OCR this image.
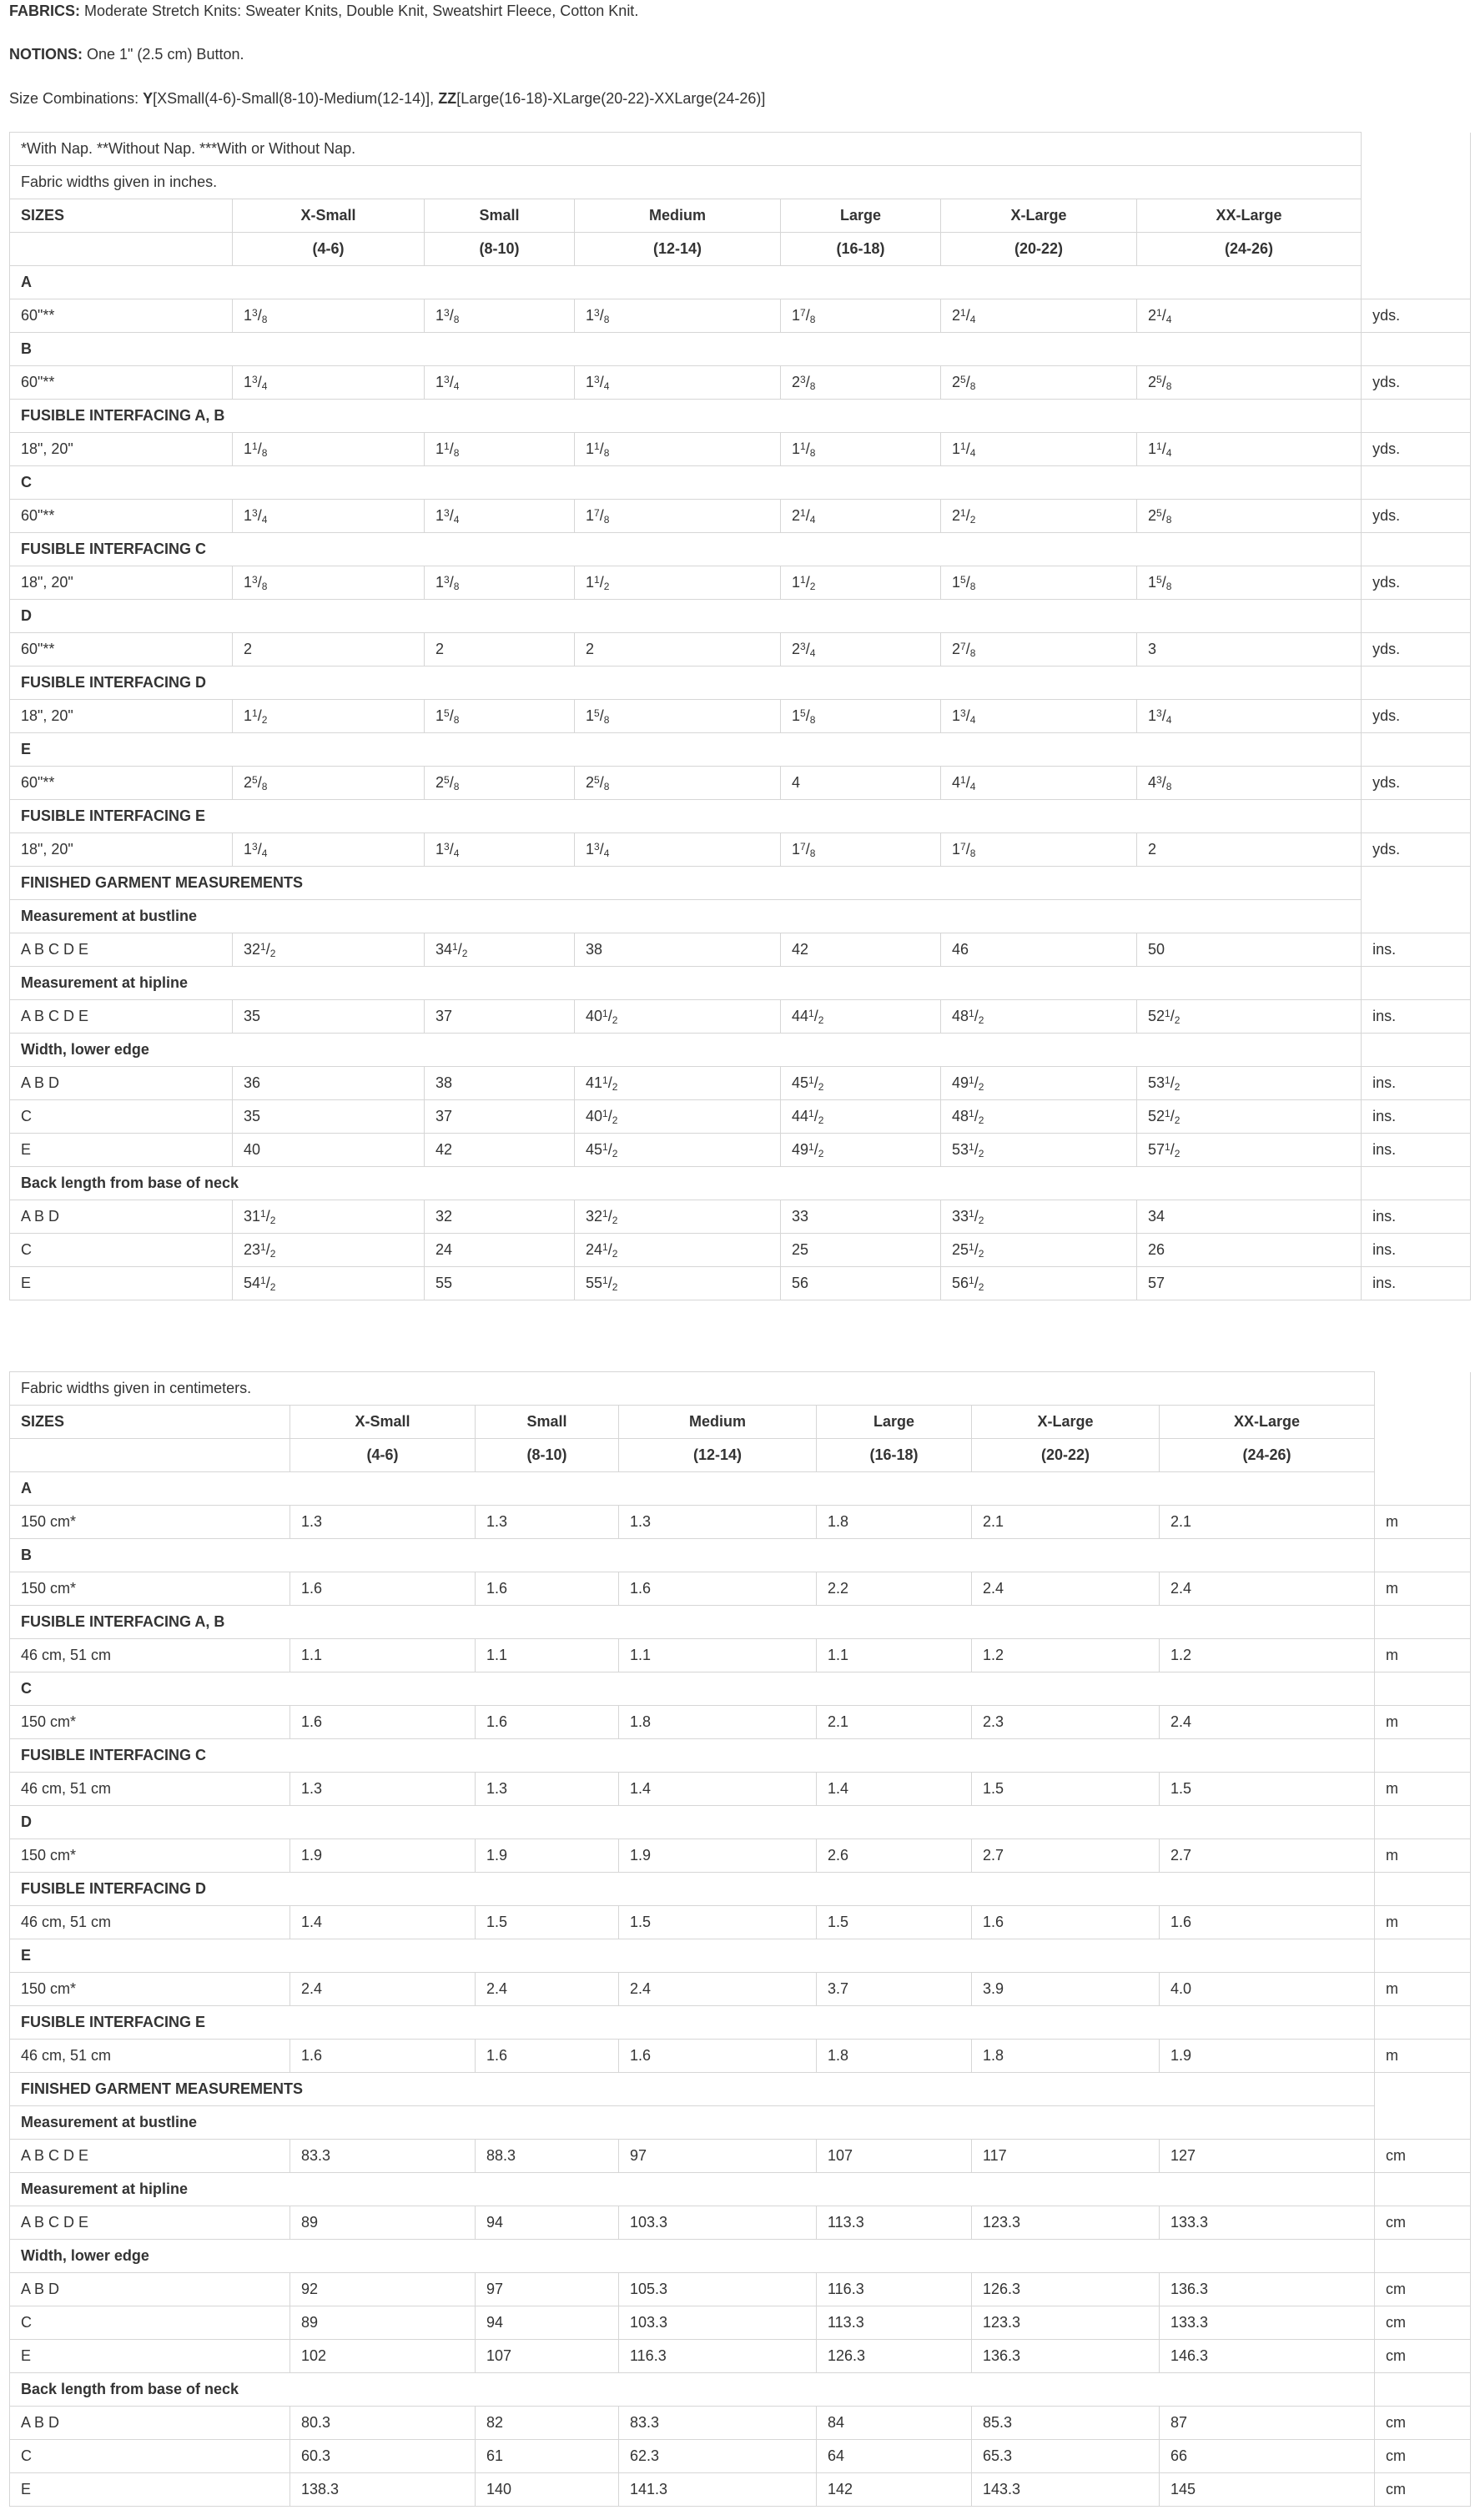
FABRICS: Moderate Stretch Knits: Sweater Knits, Double Knit, Sweatshirt Fleece, Cotton Knit.

NOTIONS: One 1" (2.5 cm) Button.

Size Combinations: Y[XSmall(4-6)-Small(8-10)-Medium(12-14)], ZZ[Large(16-18)-XLarge(20-22)-XXLarge(24-26)]

*With Nap. **Without Nap. ***With or Without Nap.							
Fabric widths given in inches.							
SIZES	X-Small	Small	Medium	Large	X-Large	XX-Large	
	(4-6)	(8-10)	(12-14)	(16-18)	(20-22)	(24-26)	
A							
60"**	$1^3/_8$	$1^3/_8$	$1^3/_8$	$1^7/_8$	$2^1/_4$	$2^1/_4$	yds.
B							
60"**	$1^3/_4$	$1^3/_4$	$1^3/_4$	$2^3/_8$	$2^5/_8$	$2^5/_8$	yds.
FUSIBLE INTERFACING A, B							
18", 20"	$1^1/_8$	$1^1/_8$	$1^1/_8$	$1^1/_8$	$1^1/_4$	$1^1/_4$	yds.
C							
60"**	$1^3/_4$	$1^3/_4$	$1^7/_8$	$2^1/_4$	$2^1/_2$	$2^5/_8$	yds.
FUSIBLE INTERFACING C							
18", 20"	$1^3/_8$	$1^3/_8$	$1^1/_2$	$1^1/_2$	$1^5/_8$	$1^5/_8$	yds.
D							
60"**	2	2	2	$2^3/_4$	$2^7/_8$	3	yds.
FUSIBLE INTERFACING D							
18", 20"	$1^1/_2$	$1^5/_8$	$1^5/_8$	$1^5/_8$	$1^3/_4$	$1^3/_4$	yds.
E							
60"**	$2^5/_8$	$2^5/_8$	$2^5/_8$	4	$4^1/_4$	$4^3/_8$	yds.
FUSIBLE INTERFACING E							
18", 20"	$1^3/_4$	$1^3/_4$	$1^3/_4$	$1^7/_8$	$1^7/_8$	2	yds.
FINISHED GARMENT MEASUREMENTS							
Measurement at bustline							
A B C D E	$32^1/_2$	$34^1/_2$	38	42	46	50	ins.
Measurement at hipline							
A B C D E	35	37	$40^1/_2$	$44^1/_2$	$48^1/_2$	$52^1/_2$	ins.
Width, lower edge							
A B D	36	38	$41^1/_2$	$45^1/_2$	$49^1/_2$	$53^1/_2$	ins.
C	35	37	$40^1/_2$	$44^1/_2$	$48^1/_2$	$52^1/_2$	ins.
E	40	42	$45^1/_2$	$49^1/_2$	$53^1/_2$	$57^1/_2$	ins.
Back length from base of neck							
A B D	$31^1/_2$	32	$32^1/_2$	33	$33^1/_2$	34	ins.
C	$23^1/_2$	24	$24^1/_2$	25	$25^1/_2$	26	ins.
E	$54^1/_2$	55	$55^1/_2$	56	$56^1/_2$	57	ins.
Fabric widths given in centimeters.							
SIZES	X-Small	Small	Medium	Large	X-Large	XX-Large	
	(4-6)	(8-10)	(12-14)	(16-18)	(20-22)	(24-26)	
A							
150 cm*	1.3	1.3	1.3	1.8	2.1	2.1	m
B							
150 cm*	1.6	1.6	1.6	2.2	2.4	2.4	m
FUSIBLE INTERFACING A, B							
46 cm, 51 cm	1.1	1.1	1.1	1.1	1.2	1.2	m
C							
150 cm*	1.6	1.6	1.8	2.1	2.3	2.4	m
FUSIBLE INTERFACING C							
46 cm, 51 cm	1.3	1.3	1.4	1.4	1.5	1.5	m
D							
150 cm*	1.9	1.9	1.9	2.6	2.7	2.7	m
FUSIBLE INTERFACING D							
46 cm, 51 cm	1.4	1.5	1.5	1.5	1.6	1.6	m
E							
150 cm*	2.4	2.4	2.4	3.7	3.9	4.0	m
FUSIBLE INTERFACING E							
46 cm, 51 cm	1.6	1.6	1.6	1.8	1.8	1.9	m
FINISHED GARMENT MEASUREMENTS							
Measurement at bustline							
A B C D E	83.3	88.3	97	107	117	127	cm
Measurement at hipline							
A B C D E	89	94	103.3	113.3	123.3	133.3	cm
Width, lower edge							
A B D	92	97	105.3	116.3	126.3	136.3	cm
C	89	94	103.3	113.3	123.3	133.3	cm
E	102	107	116.3	126.3	136.3	146.3	cm
Back length from base of neck							
A B D	80.3	82	83.3	84	85.3	87	cm
C	60.3	61	62.3	64	65.3	66	cm
E	138.3	140	141.3	142	143.3	145	cm
